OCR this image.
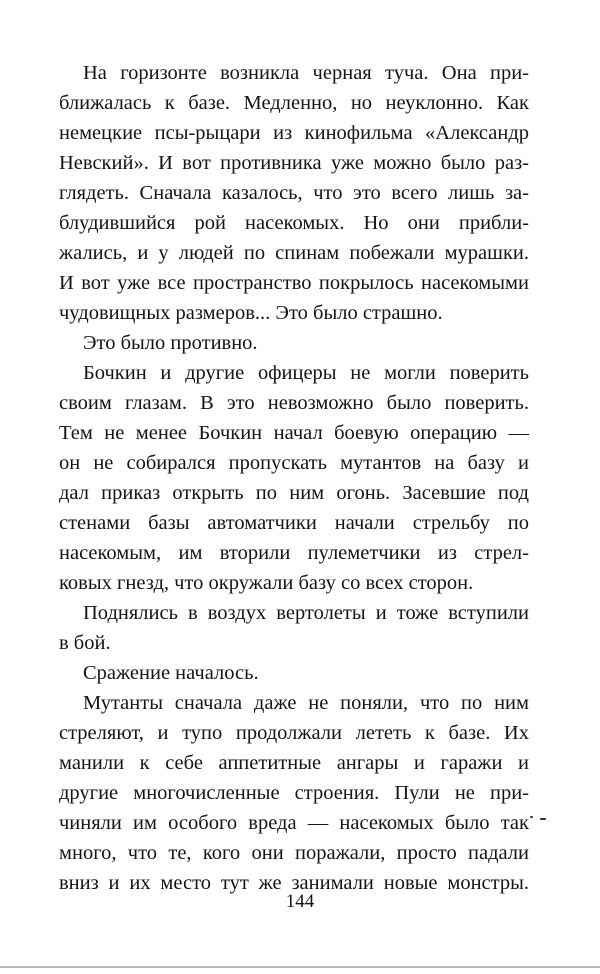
На горизонте возникла черная туча. Она при-
ближалась к базе. Медленно, но неуклонно. Как
немецкие псы-рыцари из кинофильма «Александр
Невский». И вот противника уже можно было раз-
глядеть. Сначала казалось, что это всего лишь за-
блудившийся рой насекомых. Но они прибли-
жались, и у людей по спинам побежали мурашки.
И вот уже все пространство покрылось насекомыми
чудовищных размеров... Это было страшно.
Это было противно.
Бочкин и другие офицеры не могли поверить
своим глазам. В это невозможно было поверить.
Тем не менее Бочкин начал боевую операцию —
он не собирался пропускать мутантов на базу и
дал приказ открыть по ним огонь. Засевшие под
стенами базы автоматчики начали стрельбу по
насекомым, им вторили пулеметчики из стрел-
ковых гнезд, что окружали базу со всех сторон.
Поднялись в воздух вертолеты и тоже вступили
в бой.
Сражение началось.
Мутанты сначала даже не поняли, что по ним
стреляют, и тупо продолжали лететь к базе. Их
манили к себе аппетитные ангары и гаражи и
другие многочисленные строения. Пули не при-
чиняли им особого вреда — насекомых было так
много, что те, кого они поражали, просто падали
вниз и их место тут же занимали новые монстры.
144
